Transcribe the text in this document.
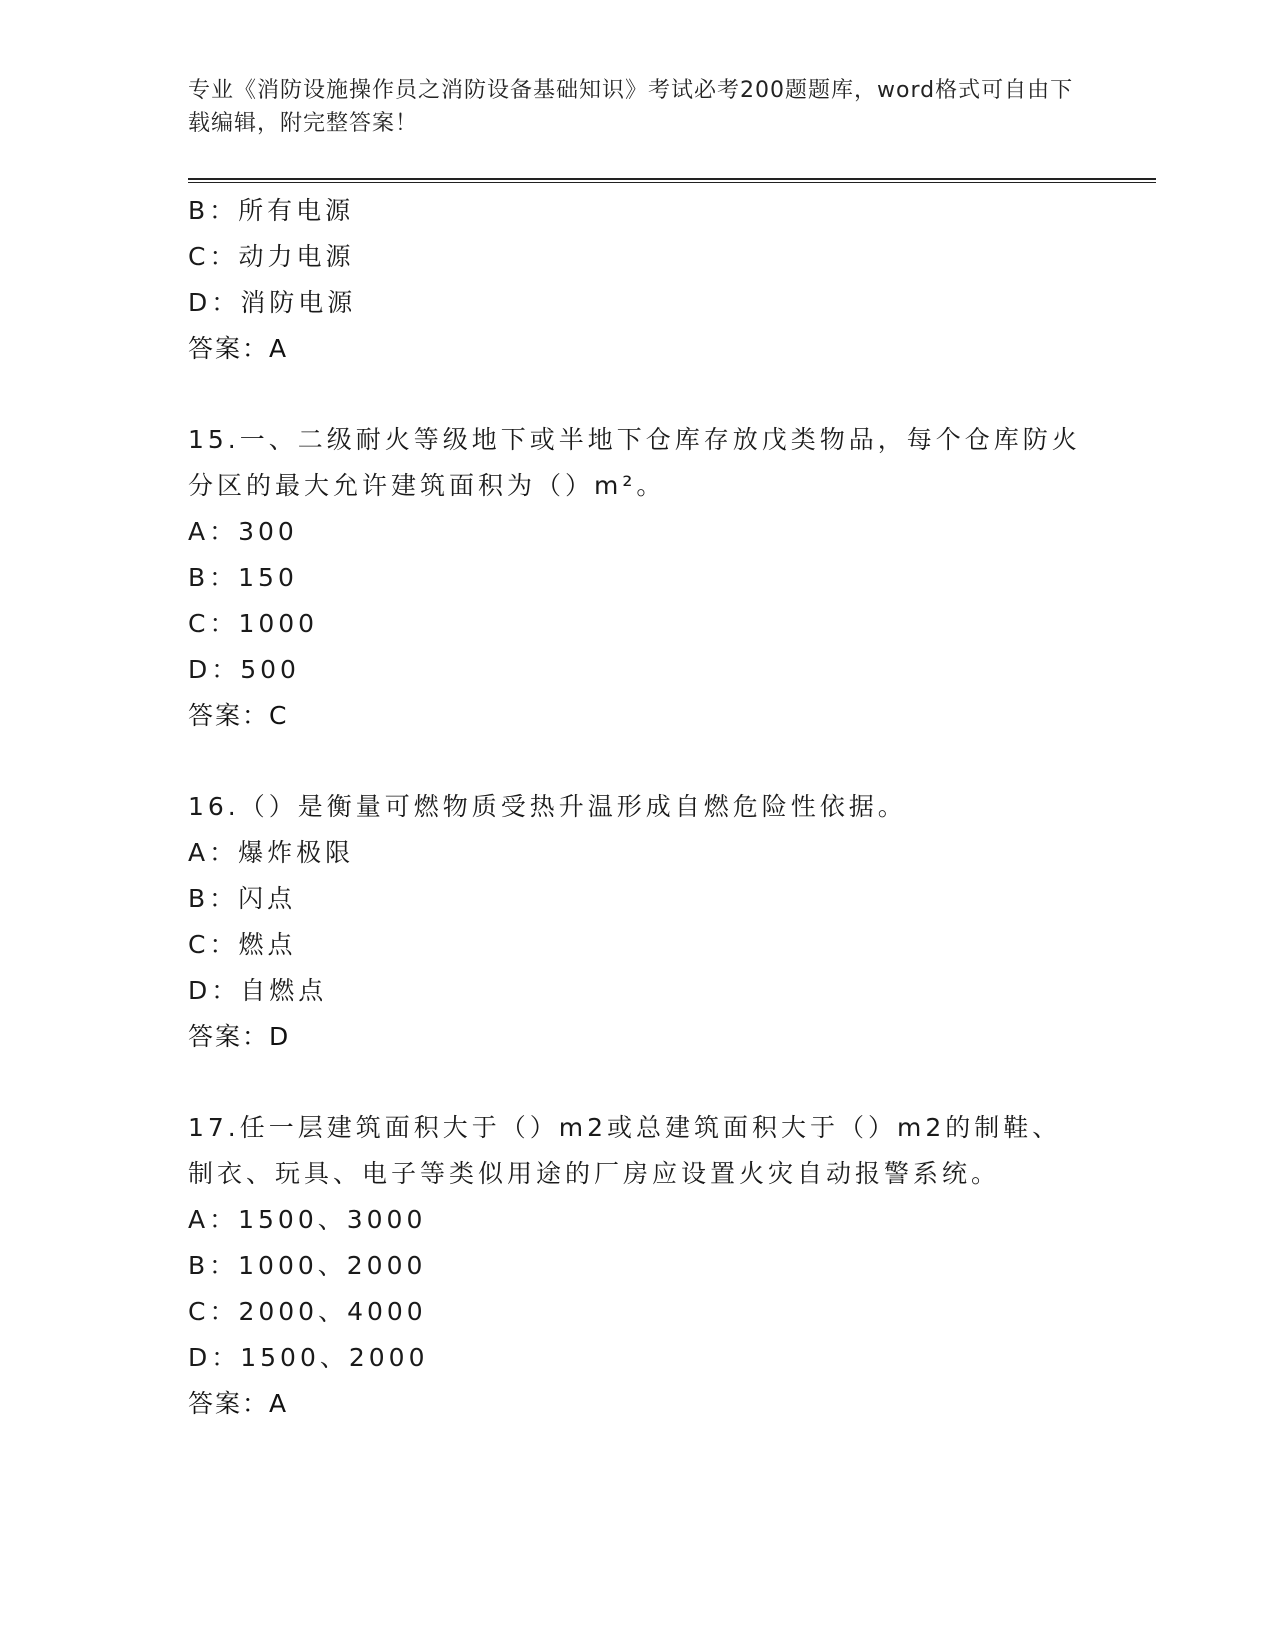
专业《消防设施操作员之消防设备基础知识》考试必考200题题库，word格式可自由下载编辑，附完整答案！
B：所有电源
C：动力电源
D：消防电源
答案：A
15.一、二级耐火等级地下或半地下仓库存放戊类物品，每个仓库防火分区的最大允许建筑面积为（）m²。
A：300
B：150
C：1000
D：500
答案：C
16.（）是衡量可燃物质受热升温形成自燃危险性依据。
A：爆炸极限
B：闪点
C：燃点
D：自燃点
答案：D
17.任一层建筑面积大于（）m2或总建筑面积大于（）m2的制鞋、制衣、玩具、电子等类似用途的厂房应设置火灾自动报警系统。
A：1500、3000
B：1000、2000
C：2000、4000
D：1500、2000
答案：A
